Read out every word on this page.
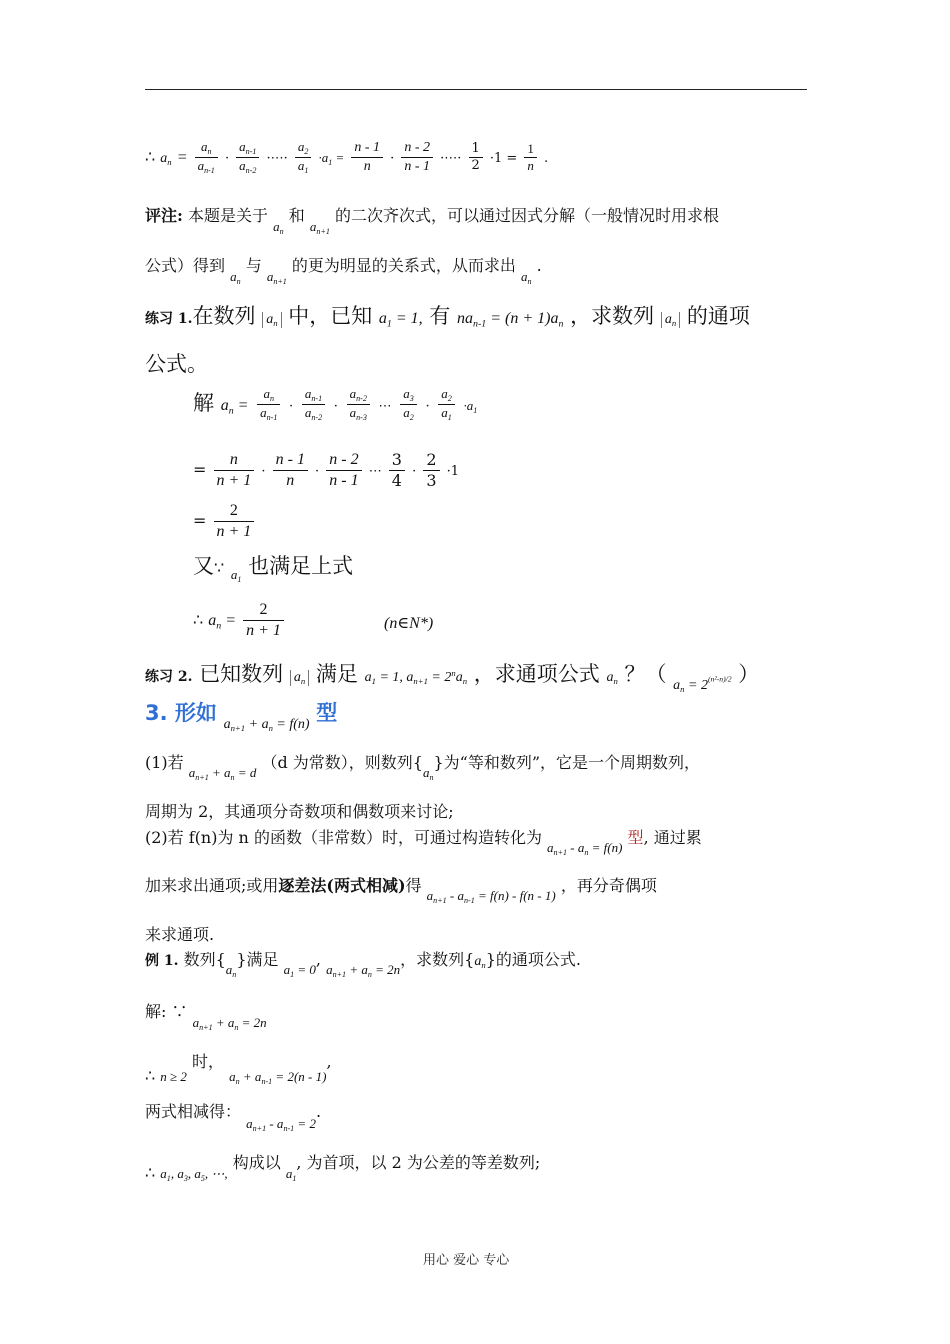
∴ $a_n = \frac{a_n}{a_{n-1}} \cdot \frac{a_{n-1}}{a_{n-2}}$ ·⋯· $\frac{a_2}{a_1} \cdot a_1 = \frac{n - 1}{n} \cdot \frac{n - 2}{n - 1}$ ·⋯· $\frac{1}{2} \cdot 1 = \frac{1}{n}$ .
评注: 本题是关于 $_{a_n}$ 和 $_{a_{n+1}}$ 的二次齐次式，可以通过因式分解（一般情况时用求根
公式）得到 $_{a_n}$ 与 $_{a_{n+1}}$ 的更为明显的关系式，从而求出 $_{a_n}$ .
练习 1.在数列 $a_n$ 中，已知 $a_1 = 1$, 有 $na_{n-1} = (n + 1)a_n$ ，求数列 $a_n$ 的通项
公式。
解 $a_n = \frac{a_n}{a_{n-1}} \cdot \frac{a_{n-1}}{a_{n-2}} \cdot \frac{a_{n-2}}{a_{n-3}}$ ⋯ $\frac{a_3}{a_2} \cdot \frac{a_2}{a_1} \cdot a_1$
= $\frac{n}{n + 1} \cdot \frac{n - 1}{n} \cdot \frac{n - 2}{n - 1}$ ⋯ $\frac{3}{4} \cdot \frac{2}{3} \cdot 1$
= $\frac{2}{n + 1}$
又∵ $_{a_1}$ 也满足上式
∴ $a_n = \frac{2}{n + 1}$	(n∈N*)
练习 2. 已知数列 $a_n$ 满足 $a_1 = 1$, $a_{n+1} = 2^na_n$ ，求通项公式 $a_n$ ？（ $_{a_n = 2^{(n^2-n)/2}}$ ）
3. 形如 $_{a_{n+1} + a_n = f(n)}$ 型
(1)若 $_{a_{n+1} + a_n = d}$ （d 为常数），则数列$\{_{a_n}\}$为“等和数列”，它是一个周期数列，
周期为 2，其通项分奇数项和偶数项来讨论;
(2)若 f(n)为 n 的函数（非常数）时，可通过构造转化为 $_{a_{n+1} - a_n = f(n)}$ 型, 通过累
加来求出通项;或用逐差法(两式相减)得 $_{a_{n+1} - a_{n-1} = f(n) - f(n - 1)}$ ，再分奇偶项
来求通项.
例 1. 数列$\{_{a_n}\}$满足 $_{a_1 = 0}$, $_{a_{n+1} + a_n = 2n}$，求数列$\{a_n\}$的通项公式.
解: ∵ $_{a_{n+1} + a_n = 2n}$
∴ $_{n \ge 2}$ 时， $_{a_n + a_{n-1} = 2(n - 1)}$,
两式相减得： $_{a_{n+1} - a_{n-1} = 2}$.
∴ $_{a_1, a_3, a_5, \cdots,}$ 构成以 $_{a_1}$, 为首项，以 2 为公差的等差数列;
用心 爱心 专心
